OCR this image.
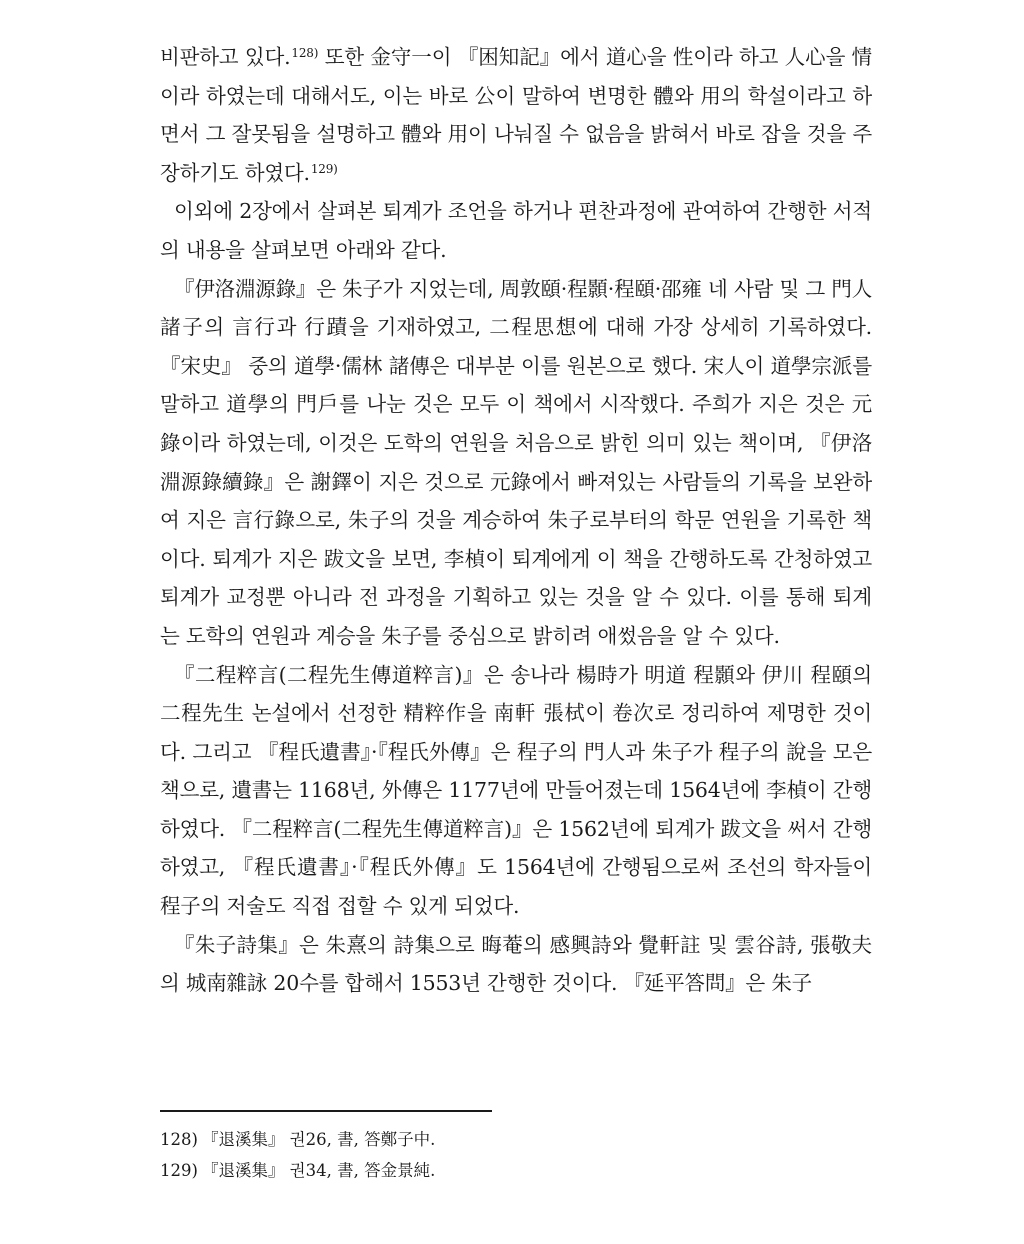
비판하고 있다.$^{128)}$ 또한 金守一이 『困知記』에서 道心을 性이라 하고 人心을 情이라 하였는데 대해서도, 이는 바로 公이 말하여 변명한 體와 用의 학설이라고 하면서 그 잘못됨을 설명하고 體와 用이 나눠질 수 없음을 밝혀서 바로 잡을 것을 주장하기도 하였다.$^{129)}$

이외에 2장에서 살펴본 퇴계가 조언을 하거나 편찬과정에 관여하여 간행한 서적의 내용을 살펴보면 아래와 같다.

『伊洛淵源錄』은 朱子가 지었는데, 周敦頤·程顥·程頤·邵雍 네 사람 및 그 門人諸子의 言行과 行蹟을 기재하였고, 二程思想에 대해 가장 상세히 기록하였다. 『宋史』 중의 道學·儒林 諸傳은 대부분 이를 원본으로 했다. 宋人이 道學宗派를 말하고 道學의 門戶를 나눈 것은 모두 이 책에서 시작했다. 주희가 지은 것은 元錄이라 하였는데, 이것은 도학의 연원을 처음으로 밝힌 의미 있는 책이며, 『伊洛淵源錄續錄』은 謝鐸이 지은 것으로 元錄에서 빠져있는 사람들의 기록을 보완하여 지은 言行錄으로, 朱子의 것을 계승하여 朱子로부터의 학문 연원을 기록한 책이다. 퇴계가 지은 跋文을 보면, 李楨이 퇴계에게 이 책을 간행하도록 간청하였고 퇴계가 교정뿐 아니라 전 과정을 기획하고 있는 것을 알 수 있다. 이를 통해 퇴계는 도학의 연원과 계승을 朱子를 중심으로 밝히려 애썼음을 알 수 있다.

『二程粹言(二程先生傳道粹言)』은 송나라 楊時가 明道 程顥와 伊川 程頤의 二程先生 논설에서 선정한 精粹作을 南軒 張栻이 卷次로 정리하여 제명한 것이다. 그리고 『程氏遺書』·『程氏外傳』은 程子의 門人과 朱子가 程子의 說을 모은 책으로, 遺書는 1168년, 外傳은 1177년에 만들어졌는데 1564년에 李楨이 간행하였다. 『二程粹言(二程先生傳道粹言)』은 1562년에 퇴계가 跋文을 써서 간행하였고, 『程氏遺書』·『程氏外傳』도 1564년에 간행됨으로써 조선의 학자들이 程子의 저술도 직접 접할 수 있게 되었다.

『朱子詩集』은 朱熹의 詩集으로 晦菴의 感興詩와 覺軒註 및 雲谷詩, 張敬夫의 城南雜詠 20수를 합해서 1553년 간행한 것이다. 『延平答問』은 朱子

128) 『退溪集』 권26, 書, 答鄭子中.
129) 『退溪集』 권34, 書, 答金景純.
